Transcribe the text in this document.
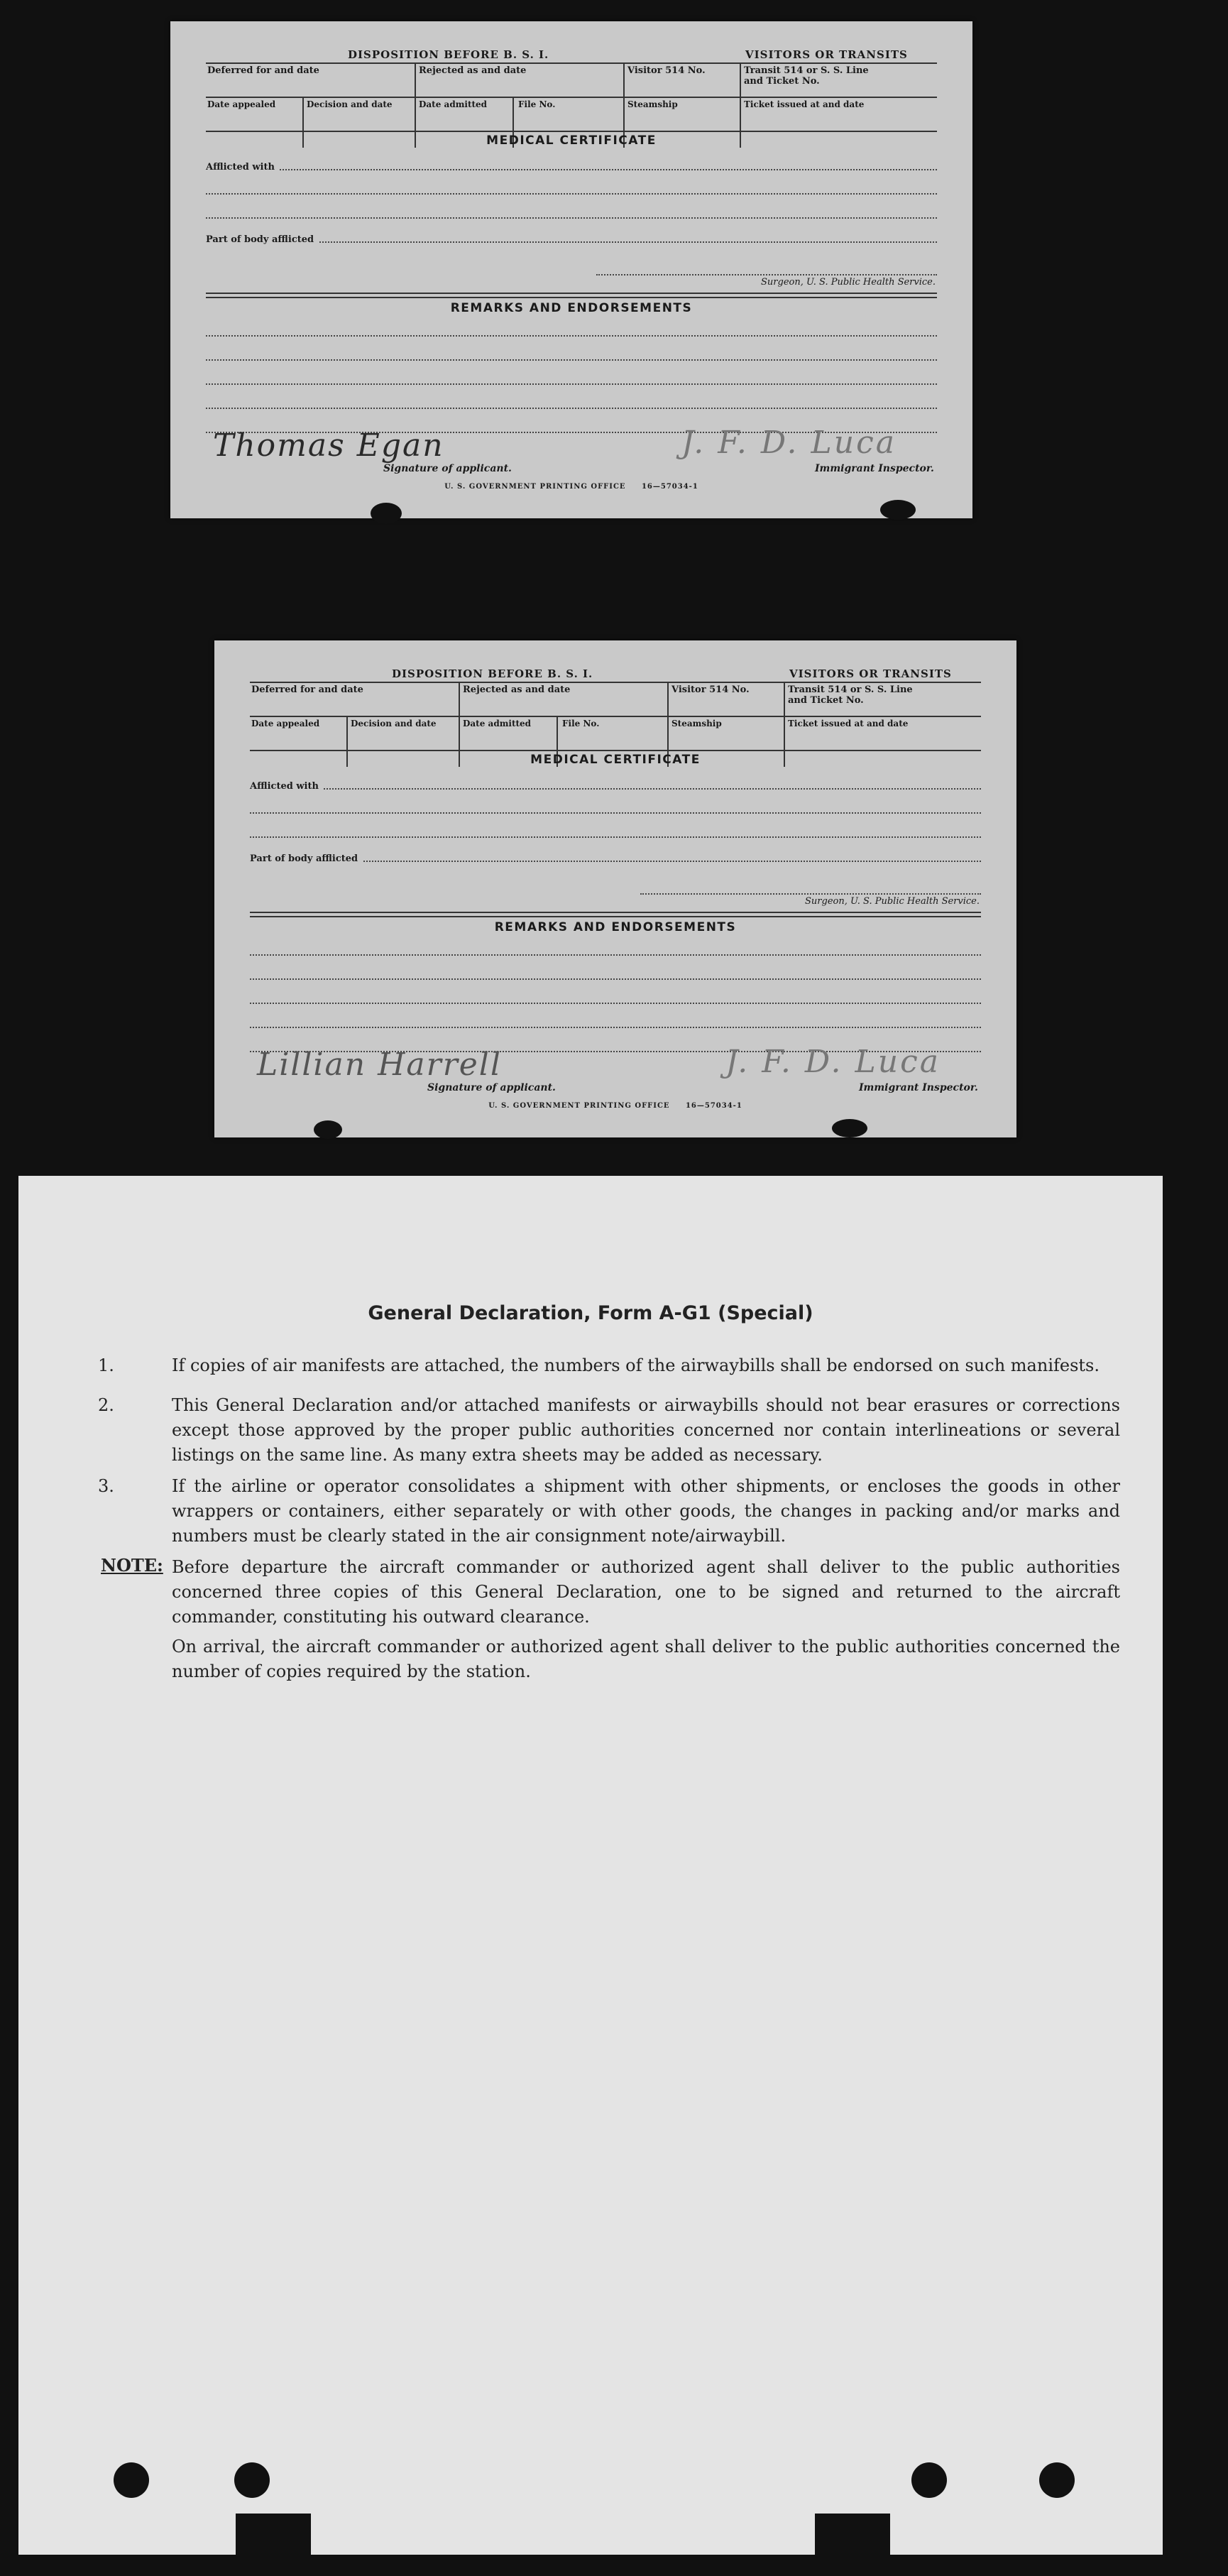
DISPOSITION BEFORE B. S. I.	VISITORS OR TRANSITS
Deferred for and date	Rejected as and date	Visitor 514 No.	Transit 514 or S. S. Line
and Ticket No.
Date appealed	Decision and date	Date admitted	File No.	Steamship	Ticket issued at and date
MEDICAL CERTIFICATE
Afflicted with
Part of body afflicted
Surgeon, U. S. Public Health Service.
REMARKS AND ENDORSEMENTS
Thomas Egan	J. F. D. Luca
Signature of applicant.	Immigrant Inspector.
U. S. GOVERNMENT PRINTING OFFICE 16—57034-1
DISPOSITION BEFORE B. S. I.	VISITORS OR TRANSITS
Deferred for and date	Rejected as and date	Visitor 514 No.	Transit 514 or S. S. Line
and Ticket No.
Date appealed	Decision and date	Date admitted	File No.	Steamship	Ticket issued at and date
MEDICAL CERTIFICATE
Afflicted with
Part of body afflicted
Surgeon, U. S. Public Health Service.
REMARKS AND ENDORSEMENTS
Lillian Harrell	J. F. D. Luca
Signature of applicant.	Immigrant Inspector.
U. S. GOVERNMENT PRINTING OFFICE 16—57034-1
General Declaration, Form A-G1 (Special)
1.	If copies of air manifests are attached, the numbers of the airwaybills shall be endorsed on such manifests.
2.	This General Declaration and/or attached manifests or airwaybills should not bear erasures or corrections except those approved by the proper public authorities concerned nor contain interlineations or several listings on the same line. As many extra sheets may be added as necessary.
3.	If the airline or operator consolidates a shipment with other shipments, or encloses the goods in other wrappers or containers, either separately or with other goods, the changes in packing and/or marks and numbers must be clearly stated in the air consignment note/airwaybill.
NOTE: Before departure the aircraft commander or authorized agent shall deliver to the public authorities concerned three copies of this General Declaration, one to be signed and returned to the aircraft commander, constituting his outward clearance.
On arrival, the aircraft commander or authorized agent shall deliver to the public authorities concerned the number of copies required by the station.
